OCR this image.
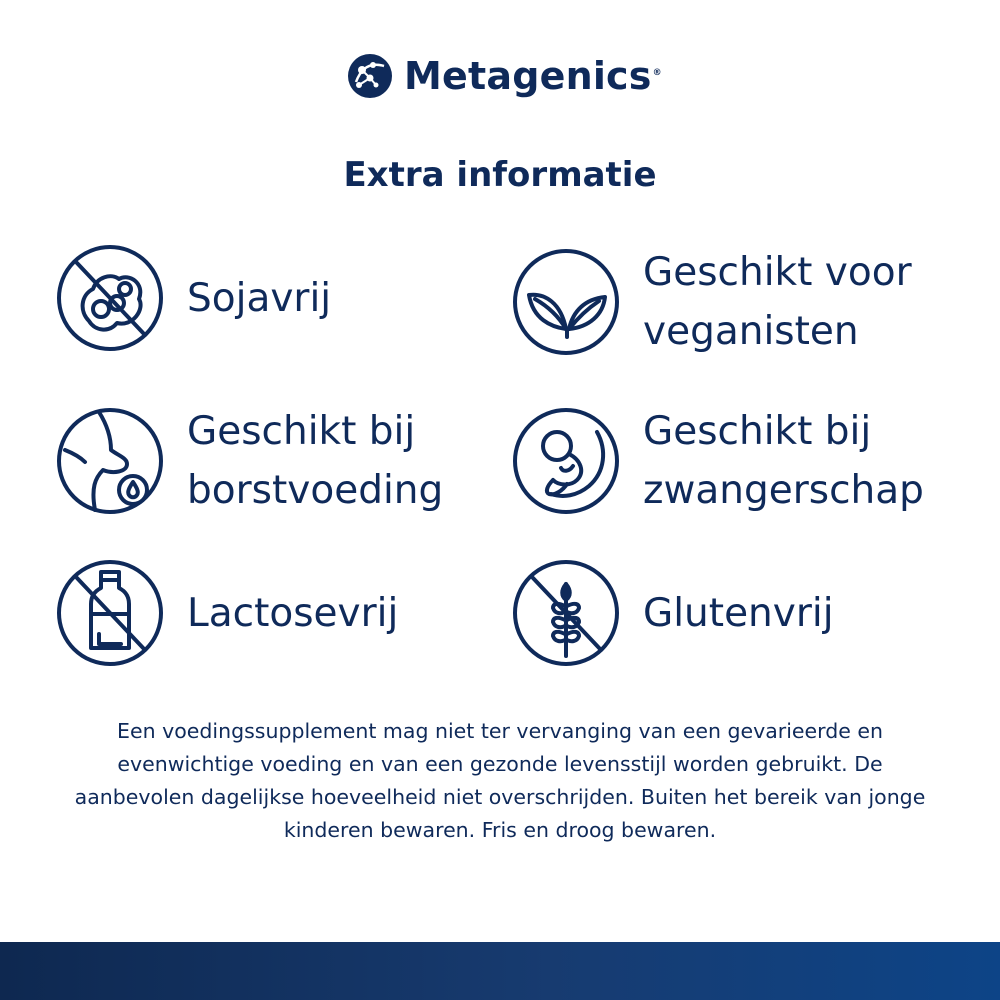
Metagenics®
Extra informatie
Sojavrij
Geschikt voor
veganisten
Geschikt bij
borstvoeding
Geschikt bij
zwangerschap
Lactosevrij	Glutenvrij
Een voedingssupplement mag niet ter vervanging van een gevarieerde en evenwichtige voeding en van een gezonde levensstijl worden gebruikt. De aanbevolen dagelijkse hoeveelheid niet overschrijden. Buiten het bereik van jonge kinderen bewaren. Fris en droog bewaren.
